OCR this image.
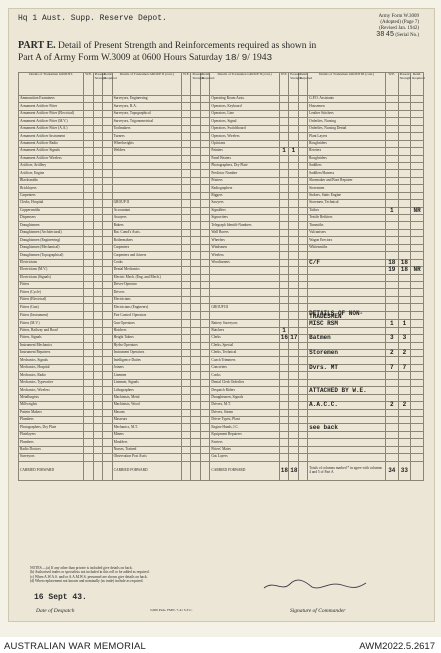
Hq 1 Aust. Supp. Reserve Depot.	Army Form W.3009
(Adopted) (Page 7)
(Revised Jan. 1942)
38 45 (Serial No.)
PART E. Detail of Present Strength and Reinforcements required as shown in
Part A of Army Form W.3009 at 0600 Hours Saturday 18/ 9/ 1943
Details of Tradesmen GROUP I.	W.E.	Present Strength	Reinf. Required	Details of Tradesmen GROUP II (cont.)	W.E.	Present Strength	Reinf. Required	Details of Tradesmen GROUP II (cont.)	W.E.	Present Strength	Reinf. Required	Details of Tradesmen GROUP III (cont.)	W.E.	Present Strength	Reinf. Required
Ammunition Examiners				Surveyors, Engineering				Operating Room Assts.				G.P.O. Assistants			
Armament Artificer Fitter				Surveyors, R.A.				Operators, Keyboard				Housemen			
Armament Artificer Fitter (Electrical)				Surveyors, Topographical				Operators, Line				Leather Stitchers			
Armament Artificer Fitter (M.V.)				Surveyors, Trigonometrical				Operators, Signal				Orderlies, Nursing			
Armament Artificer Fitter (A.A.)				Toolmakers				Operators, Switchboard				Orderlies, Nursing Dental			
Armament Artificer Instrument				Turners				Operators, Wireless				Plant Layers			
Armament Artificer Radio				Wheelwrights				Opticians				Roughriders			
Armament Artificer Signals				Welders				Painters	1	1		Riveters			
Armament Artificer Wireless								Panel Beaters				Roughriders			
Artificer, Artillery								Photographers, Dry Plate				Saddlers			
Artificer, Engine								Predictor Number				Saddlers/Harness			
Blacksmiths								Printers				Shoemaker and Boot Repairer			
Bricklayers								Radiographers				Storesmen			
Carpenters								Riggers				Stokers, Static Engine			
Clerks, Hospital				GROUP II				Sawyers				Storemen, Technical			
Coppersmiths				Accountant				Signallers				Tailors	1		NR
Dispensers				Assayers				Signwriters				Textile Refitters			
Draughtsmen				Bakers				Telegraph Identifi-Numbers				Tinsmiths			
Draughtsmen (Architectural)				Bat. Comd's Assts.				Wall Borers				Vulcanisers			
Draughtsmen (Engineering)				Boilermakers				Wheelers				Wagon Erectors			
Draughtsmen (Mechanical)				Carpenters				Windsmen				Whitesmiths			
Draughtsmen (Topographical)				Carpenters and Joiners				Wireless							
Electricians				Cooks				Woodturners				C/F	18	18	
Electricians (M.V.)				Dental Mechanics									19	18	NR
Electricians (Signals)				Electric Mech. (Eng. and Mech.)											
Fitters				Driver-Operator											
Fitters (Cycle)				Drivers											
Fitters (Electrical)				Electricians											
Fitters (Gun)				Electricians (Engineers)				GROUP III							
Fitters (Instrument)				Fire Control Operators								DETAILS OF NON-TRADESMEN			
Fitters (M.V.)				Gun Operators				Battery Surveyors				MISC RSM	1	1	
Fitters, Railway and Road				Hatchers				Butchers	1						
Fitters, Signals				Height Takers				Clerks	16	17		Batmen	3	3	
Instrument Mechanics				Hydro Operators				Clerks, Special							
Instrument Repairers				Instrument Operators				Clerks, Technical				Storemen	2	2	
Mechanics, Signals				Intelligence Duties				Coach Trimmers							
Mechanics, Hospital				Joiners				Concreters				Dvrs. MT	7	7	
Mechanics, Radio				Linemen				Cooks							
Mechanics, Typewriter				Linemen, Signals				Dental Clerk Orderlies							
Mechanics, Wireless				Lithographers				Despatch Riders				ATTACHED BY W.E.			
Metallurgists				Machinists, Metal				Draughtsmen, Signals							
Millwrights				Machinists, Wood				Drivers, M.T.				A.A.C.C.	2	2	
Pattern Makers				Masons				Drivers, Steam							
Plumbers				Masseurs				Driver Typist, Plant							
Photographers, Dry Plate				Mechanics, M.T.				Engine Hands, I.C.				see back			
Platelayers				Miners				Equipment Repairers							
Plumbers				Moulders				Farriers							
Radio Doctors				Nurses, Trained				Fitters' Mates							
Surveyors				Observation Post Assts				Gas Layers							
CARRIED FORWARD				CARRIED FORWARD				CARRIED FORWARD	18	18		Totals of columns marked * in agree with columns 4 and 5 of Part A	34	33	
NOTES.—(a) If any other than private is included give details on back.
(b) Authorised trades or specialists not included in this roll to be added as required.
(c) When A.W.A.S. and/or A.A.M.W.S. personnel are shown give details on back.
(d) When replacement not known and nominally (as trade) include as required.
16 Sept 43.
Date of Despatch	5,000 Pads. FMN. 7-41 S.T.C.	Signature of Commander
AUSTRALIAN WAR MEMORIAL	AWM2022.5.2617
